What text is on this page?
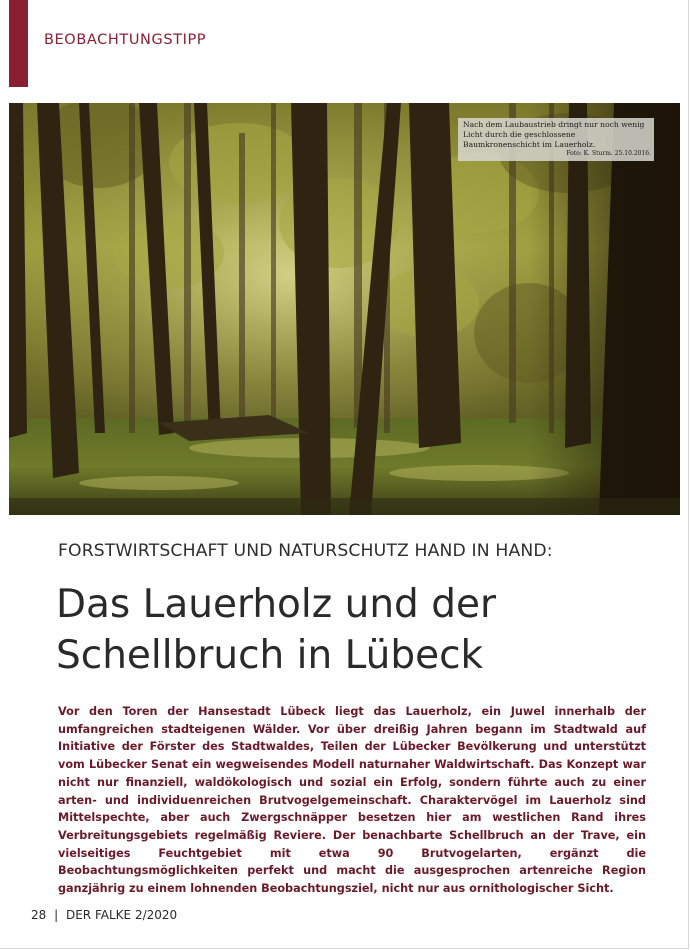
BEOBACHTUNGSTIPP
Nach dem Laubaustrieb dringt nur noch wenig Licht durch die geschlossene Baumkronenschicht im Lauerholz.
Foto: K. Sturm. 25.10.2016.
FORSTWIRTSCHAFT UND NATURSCHUTZ HAND IN HAND:
Das Lauerholz und der
Schellbruch in Lübeck
Vor den Toren der Hansestadt Lübeck liegt das Lauerholz, ein Juwel innerhalb der umfangreichen stadteigenen Wälder. Vor über dreißig Jahren begann im Stadtwald auf Initiative der Förster des Stadtwaldes, Teilen der Lübecker Bevölkerung und unterstützt vom Lübecker Senat ein wegweisendes Modell naturnaher Waldwirtschaft. Das Konzept war nicht nur finanziell, waldökologisch und sozial ein Erfolg, sondern führte auch zu einer arten- und individuenreichen Brutvogelgemeinschaft. Charaktervögel im Lauerholz sind Mittelspechte, aber auch Zwergschnäpper besetzen hier am westlichen Rand ihres Verbreitungsgebiets regelmäßig Reviere. Der benachbarte Schellbruch an der Trave, ein vielseitiges Feuchtgebiet mit etwa 90 Brutvogelarten, ergänzt die Beobachtungsmöglichkeiten perfekt und macht die ausgesprochen artenreiche Region ganzjährig zu einem lohnenden Beobachtungsziel, nicht nur aus ornithologischer Sicht.
28 | DER FALKE 2/2020
